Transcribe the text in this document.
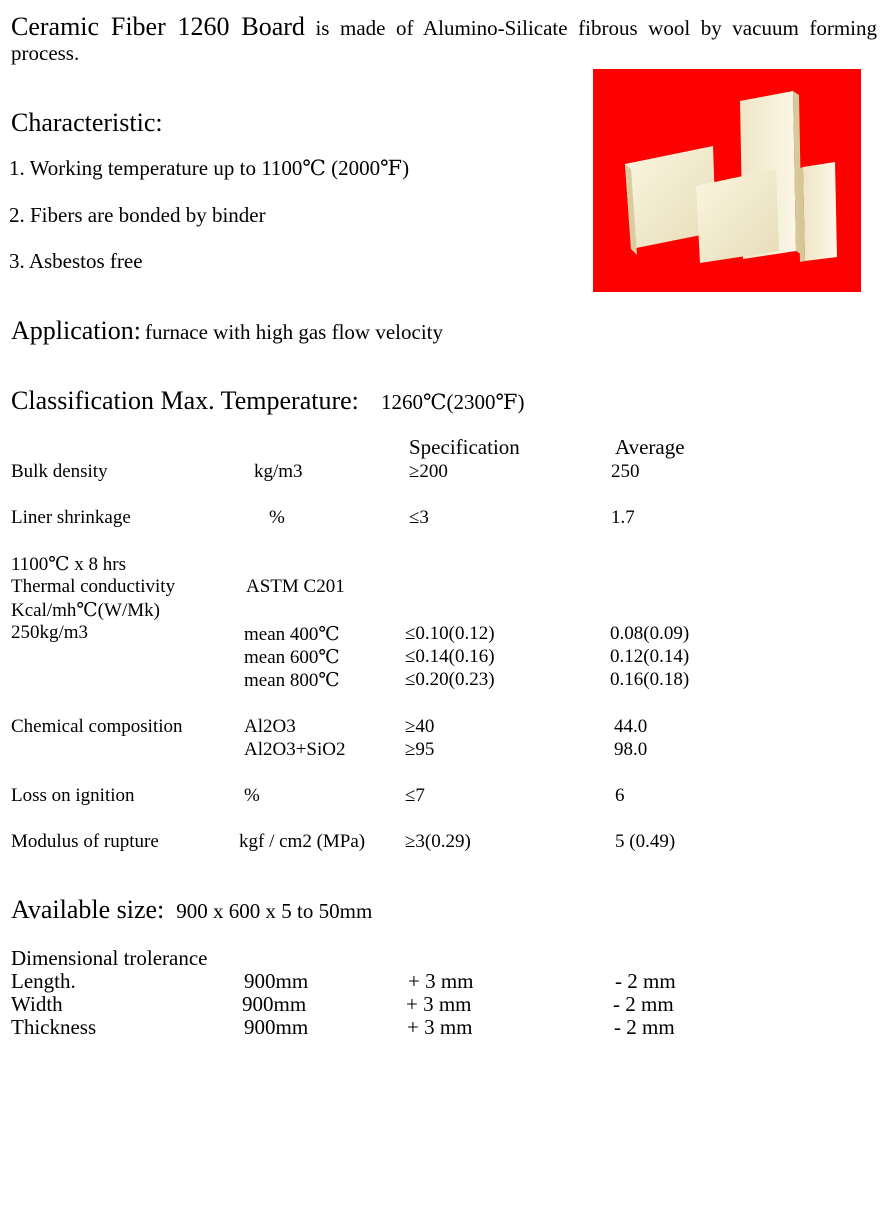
Ceramic Fiber 1260 Board is made of Alumino-Silicate fibrous wool by vacuum forming
process.
Characteristic:
1. Working temperature up to 1100℃ (2000℉)
2. Fibers are bonded by binder
3. Asbestos free
Application: furnace with high gas flow velocity
Classification Max. Temperature: 1260℃(2300℉)
Specification	Average
Bulk density	kg/m3	≥200	250
Liner shrinkage	%	≤3	1.7
1100℃ x 8 hrs
Thermal conductivity	ASTM C201
Kcal/mh℃(W/Mk)
250kg/m3	mean 400℃	≤0.10(0.12)	0.08(0.09)
mean 600℃	≤0.14(0.16)	0.12(0.14)
mean 800℃	≤0.20(0.23)	0.16(0.18)
Chemical composition	Al2O3	≥40	44.0
Al2O3+SiO2	≥95	98.0
Loss on ignition	%	≤7	6
Modulus of rupture	kgf / cm2 (MPa) ≥3(0.29)	5 (0.49)
Available size: 900 x 600 x 5 to 50mm
Dimensional trolerance
Length.	900mm	+ 3 mm	- 2 mm
Width	900mm	+ 3 mm	- 2 mm
Thickness	900mm	+ 3 mm	- 2 mm
